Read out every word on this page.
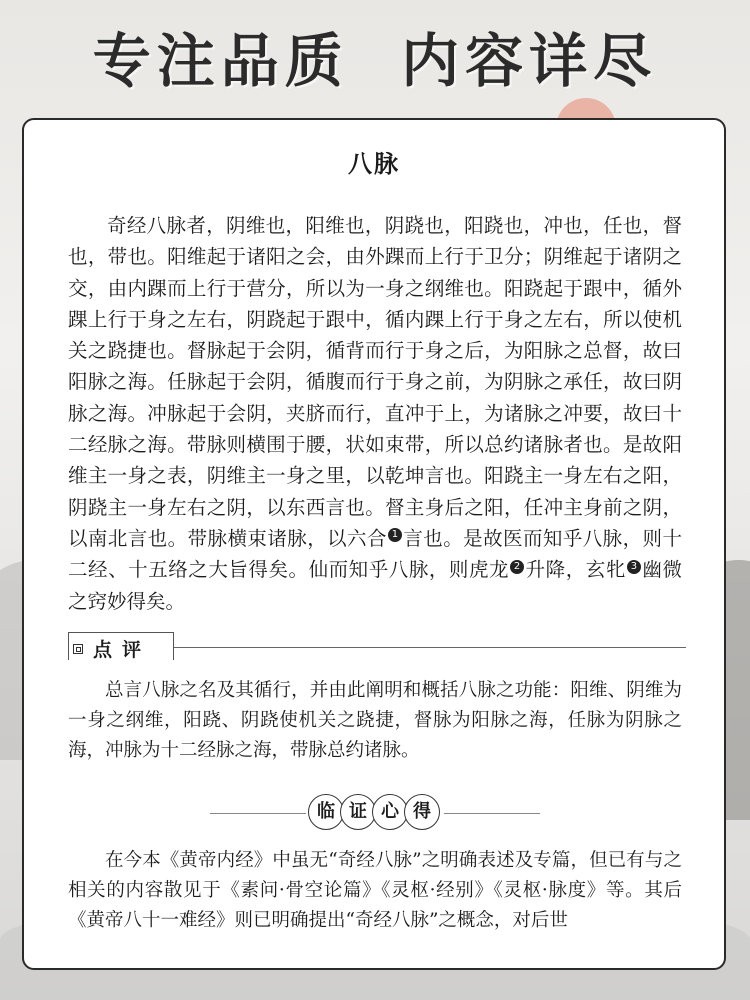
专注品质  内容详尽
八脉

奇经八脉者，阴维也，阳维也，阴跷也，阳跷也，冲也，任也，督也，带也。阳维起于诸阳之会，由外踝而上行于卫分；阴维起于诸阴之交，由内踝而上行于营分，所以为一身之纲维也。阳跷起于跟中，循外踝上行于身之左右，阴跷起于跟中，循内踝上行于身之左右，所以使机关之跷捷也。督脉起于会阴，循背而行于身之后，为阳脉之总督，故曰阳脉之海。任脉起于会阴，循腹而行于身之前，为阴脉之承任，故曰阴脉之海。冲脉起于会阴，夹脐而行，直冲于上，为诸脉之冲要，故曰十二经脉之海。带脉则横围于腰，状如束带，所以总约诸脉者也。是故阳维主一身之表，阴维主一身之里，以乾坤言也。阳跷主一身左右之阳，阴跷主一身左右之阴，以东西言也。督主身后之阳，任冲主身前之阴，以南北言也。带脉横束诸脉，以六合 $^1$ 言也。是故医而知乎八脉，则十二经、十五络之大旨得矣。仙而知乎八脉，则虎龙 $^2$ 升降，玄牝 $^3$ 幽微之窍妙得矣。

点评

总言八脉之名及其循行，并由此阐明和概括八脉之功能：阳维、阴维为一身之纲维，阳跷、阴跷使机关之跷捷，督脉为阳脉之海，任脉为阴脉之海，冲脉为十二经脉之海，带脉总约诸脉。

临 证 心 得

在今本《黄帝内经》中虽无“奇经八脉”之明确表述及专篇，但已有与之相关的内容散见于《素问·骨空论篇》《灵枢·经别》《灵枢·脉度》等。其后《黄帝八十一难经》则已明确提出“奇经八脉”之概念，对后世
